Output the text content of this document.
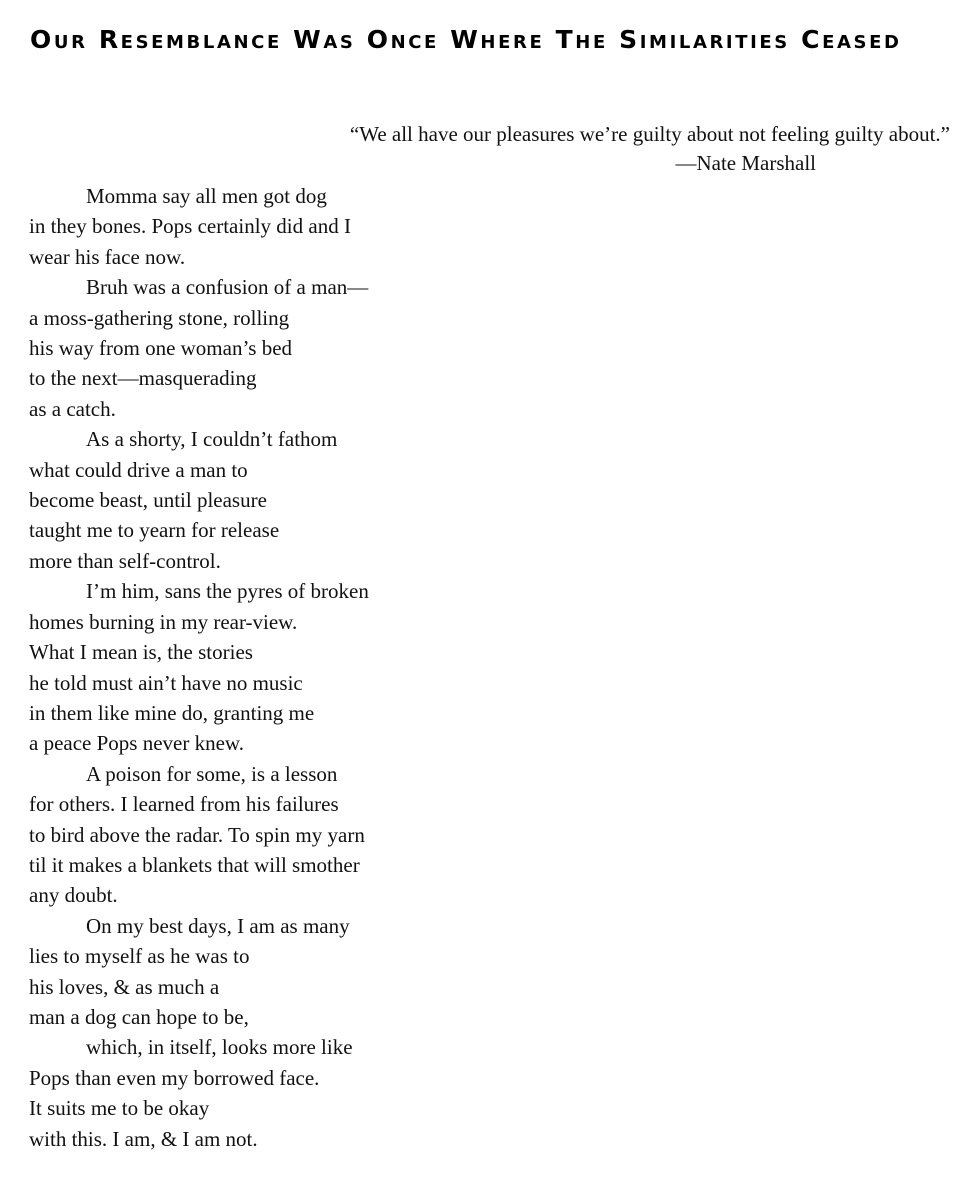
Our Resemblance Was Once Where The Similarities Ceased
“We all have our pleasures we’re guilty about not feeling guilty about.”
—Nate Marshall
Momma say all men got dog
in they bones. Pops certainly did and I
wear his face now.
Bruh was a confusion of a man—
a moss-gathering stone, rolling
his way from one woman’s bed
to the next—masquerading
as a catch.
As a shorty, I couldn’t fathom
what could drive a man to
become beast, until pleasure
taught me to yearn for release
more than self-control.
I’m him, sans the pyres of broken
homes burning in my rear-view.
What I mean is, the stories
he told must ain’t have no music
in them like mine do, granting me
a peace Pops never knew.
A poison for some, is a lesson
for others. I learned from his failures
to bird above the radar. To spin my yarn
til it makes a blankets that will smother
any doubt.
On my best days, I am as many
lies to myself as he was to
his loves, & as much a
man a dog can hope to be,
which, in itself, looks more like
Pops than even my borrowed face.
It suits me to be okay
with this. I am, & I am not.
